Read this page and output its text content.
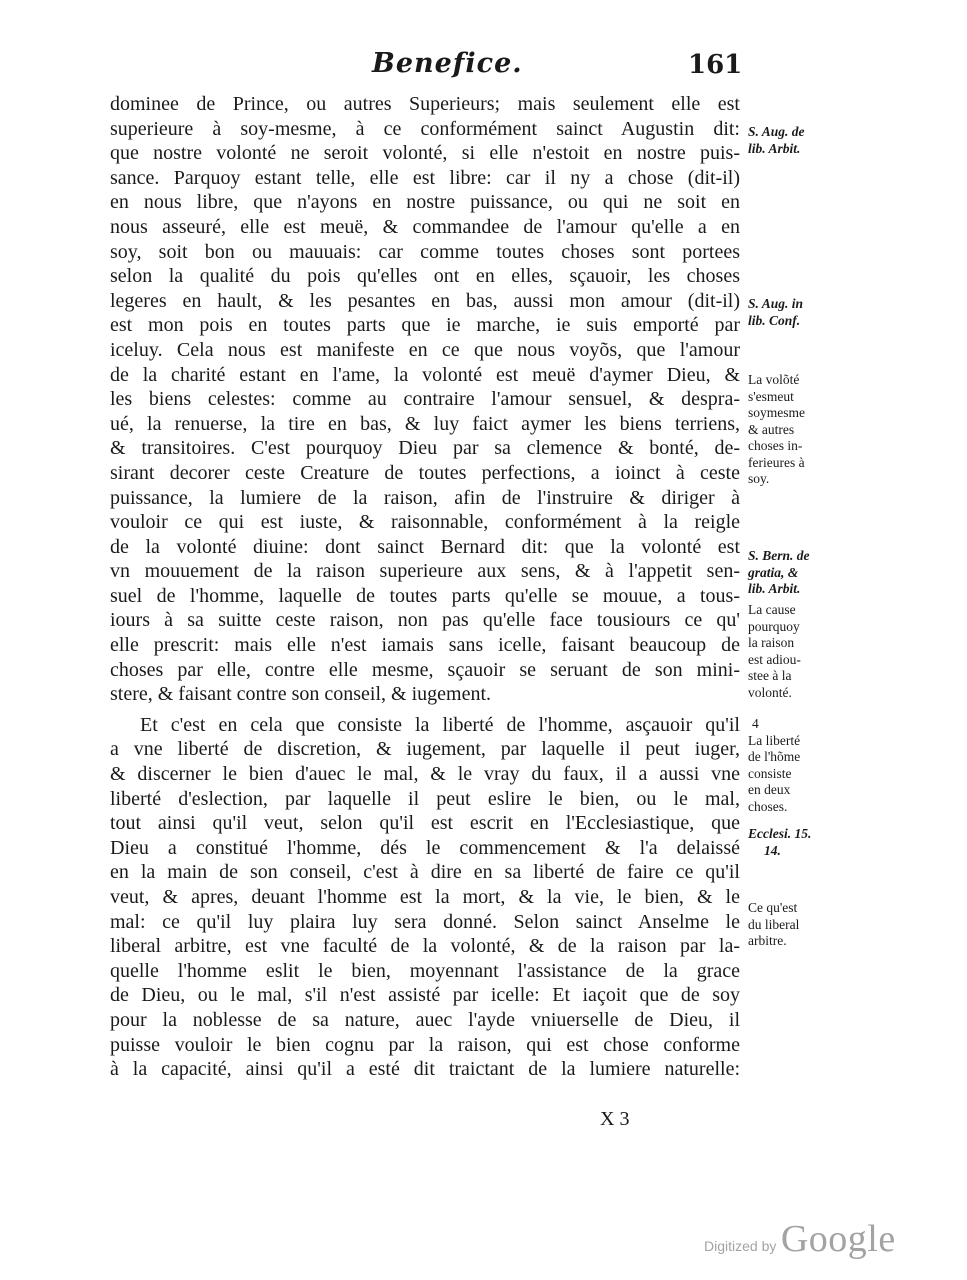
Benefice.	161
dominee de Prince, ou autres Superieurs; mais seulement elle est
superieure à soy-mesme, à ce conformément sainct Augustin dit:
que nostre volonté ne seroit volonté, si elle n'estoit en nostre puis-
sance. Parquoy estant telle, elle est libre: car il ny a chose (dit-il)
en nous libre, que n'ayons en nostre puissance, ou qui ne soit en
nous asseuré, elle est meuë, & commandee de l'amour qu'elle a en
soy, soit bon ou mauuais: car comme toutes choses sont portees
selon la qualité du pois qu'elles ont en elles, sçauoir, les choses
legeres en hault, & les pesantes en bas, aussi mon amour (dit-il)
est mon pois en toutes parts que ie marche, ie suis emporté par
iceluy. Cela nous est manifeste en ce que nous voyõs, que l'amour
de la charité estant en l'ame, la volonté est meuë d'aymer Dieu, &
les biens celestes: comme au contraire l'amour sensuel, & despra-
ué, la renuerse, la tire en bas, & luy faict aymer les biens terriens,
& transitoires. C'est pourquoy Dieu par sa clemence & bonté, de-
sirant decorer ceste Creature de toutes perfections, a ioinct à ceste
puissance, la lumiere de la raison, afin de l'instruire & diriger à
vouloir ce qui est iuste, & raisonnable, conformément à la reigle
de la volonté diuine: dont sainct Bernard dit: que la volonté est
vn mouuement de la raison superieure aux sens, & à l'appetit sen-
suel de l'homme, laquelle de toutes parts qu'elle se mouue, a tous-
iours à sa suitte ceste raison, non pas qu'elle face tousiours ce qu'
elle prescrit: mais elle n'est iamais sans icelle, faisant beaucoup de
choses par elle, contre elle mesme, sçauoir se seruant de son mini-
stere, & faisant contre son conseil, & iugement.
Et c'est en cela que consiste la liberté de l'homme, asçauoir qu'il
a vne liberté de discretion, & iugement, par laquelle il peut iuger,
& discerner le bien d'auec le mal, & le vray du faux, il a aussi vne
liberté d'eslection, par laquelle il peut eslire le bien, ou le mal,
tout ainsi qu'il veut, selon qu'il est escrit en l'Ecclesiastique, que
Dieu a constitué l'homme, dés le commencement & l'a delaissé
en la main de son conseil, c'est à dire en sa liberté de faire ce qu'il
veut, & apres, deuant l'homme est la mort, & la vie, le bien, & le
mal: ce qu'il luy plaira luy sera donné. Selon sainct Anselme le
liberal arbitre, est vne faculté de la volonté, & de la raison par la-
quelle l'homme eslit le bien, moyennant l'assistance de la grace
de Dieu, ou le mal, s'il n'est assisté par icelle: Et iaçoit que de soy
pour la noblesse de sa nature, auec l'ayde vniuerselle de Dieu, il
puisse vouloir le bien cognu par la raison, qui est chose conforme
à la capacité, ainsi qu'il a esté dit traictant de la lumiere naturelle:
S. Aug. de
lib. Arbit.
S. Aug. in
lib. Conf.
La volõté
s'esmeut
soymesme
& autres
choses in-
ferieures à
soy.
S. Bern. de
gratia, &
lib. Arbit.
La cause
pourquoy
la raison
est adiou-
stee à la
volonté.
4
La liberté
de l'hõme
consiste
en deux
choses.
Ecclesi. 15.
14.
Ce qu'est
du liberal
arbitre.
X 3
Digitized by Google
